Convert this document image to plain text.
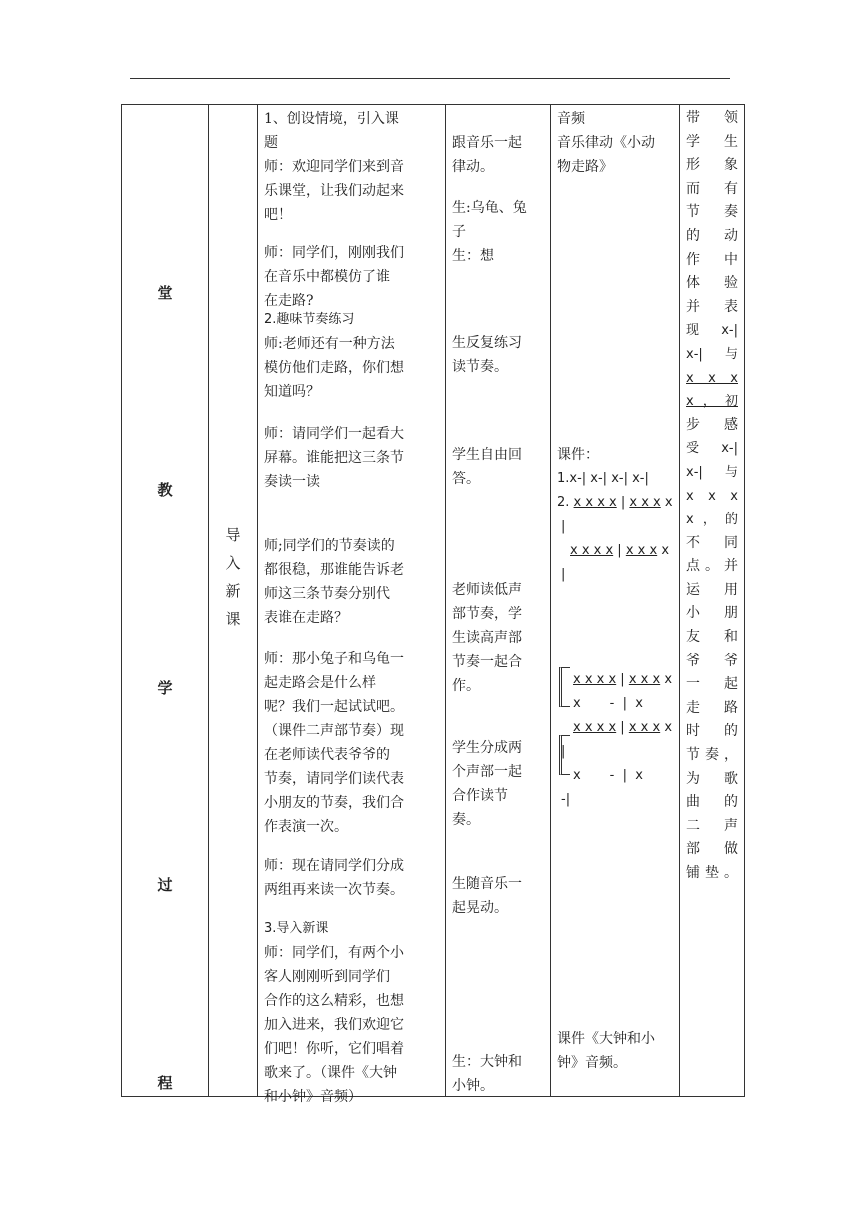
堂
教
学
过
程

导
入
新
课

1、创设情境，引入课
题
师：欢迎同学们来到音
乐课堂，让我们动起来
吧！
师：同学们，刚刚我们
在音乐中都模仿了谁
在走路?
2.趣味节奏练习
师:老师还有一种方法
模仿他们走路，你们想
知道吗？
师：请同学们一起看大
屏幕。谁能把这三条节
奏读一读
师;同学们的节奏读的
都很稳，那谁能告诉老
师这三条节奏分别代
表谁在走路？
师：那小兔子和乌龟一
起走路会是什么样
呢？我们一起试试吧。
（课件二声部节奏）现
在老师读代表爷爷的
节奏，请同学们读代表
小朋友的节奏，我们合
作表演一次。
师：现在请同学们分成
两组再来读一次节奏。
3.导入新课
师：同学们，有两个小
客人刚刚听到同学们
合作的这么精彩，也想
加入进来，我们欢迎它
们吧！你听，它们唱着
歌来了。（课件《大钟
和小钟》音频）

跟音乐一起
律动。
生:乌龟、兔
子
生：想
生反复练习
读节奏。
学生自由回
答。
老师读低声
部节奏，学
生读高声部
节奏一起合
作。
学生分成两
个声部一起
合作读节
奏。
生随音乐一
起晃动。
生：大钟和
小钟。

音频
音乐律动《小动
物走路》
课件：
1.x-| x-| x-| x-|
2. x x x x | x x x x
|
x x x x | x x x x
|
x x x x | x x x x
x       -  |  x
x x x x | x x x x
|
x       -  |  x
-|
课件《大钟和小
钟》音频。

带　领
学　生
形　象
而　有
节　奏
的　动
作　中
体　验
并　表
现 x-|
x-| 与
x x x
x，初
步　感
受 x-|
x-| 与
x x x
x，的
不　同
点。并
运　用
小　朋
友　和
爷　爷
一　起
走　路
时　的
节奏，
为　歌
曲　的
二　声
部　做
铺垫。
